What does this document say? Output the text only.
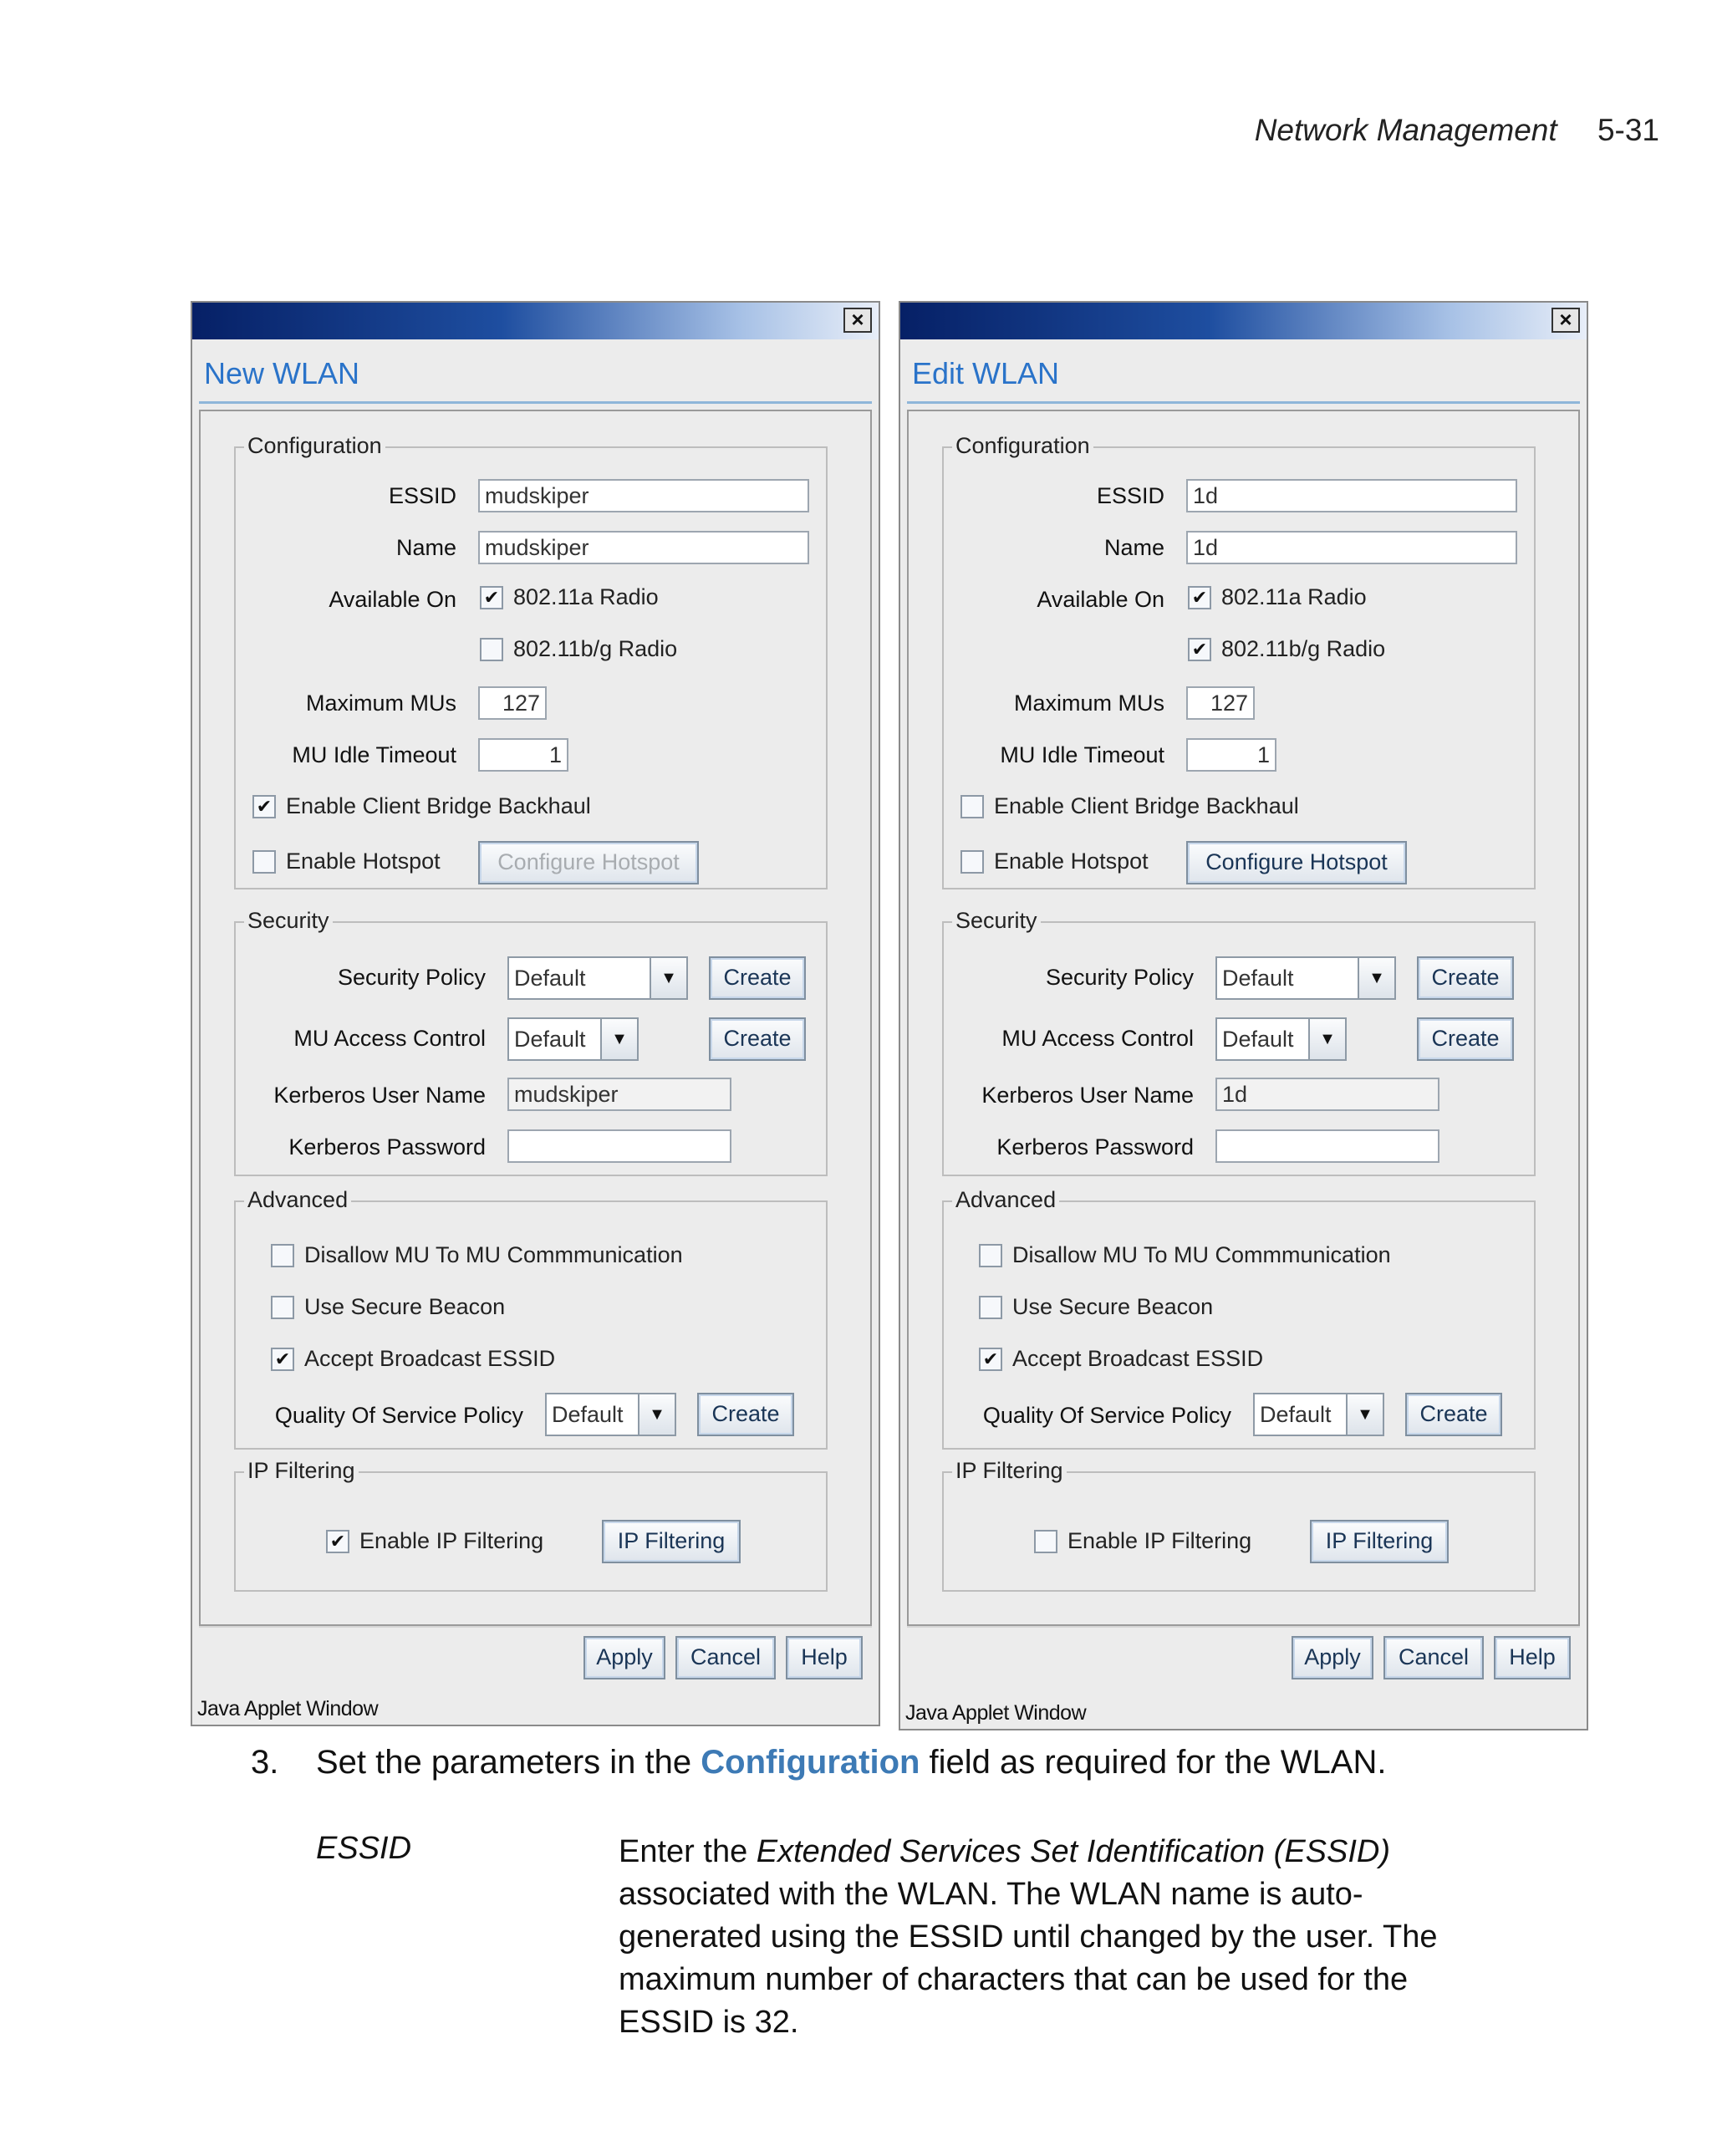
Network Management 5-31
×
New WLAN
Configuration
ESSID mudskiper
Name mudskiper
Available On ✔ 802.11a Radio
802.11b/g Radio
Maximum MUs	127
MU Idle Timeout	1
✔ Enable Client Bridge Backhaul
Enable Hotspot	Configure Hotspot
Security
Security Policy Default	▼	Create
MU Access Control Default	▼	Create
Kerberos User Name mudskiper
Kerberos Password
Advanced
Disallow MU To MU Commmunication
Use Secure Beacon
✔ Accept Broadcast ESSID
Quality Of Service Policy Default	▼	Create
IP Filtering
✔ Enable IP Filtering	IP Filtering
Apply	Cancel	Help
Java Applet Window
×
Edit WLAN
Configuration
ESSID 1d
Name 1d
Available On ✔ 802.11a Radio
✔ 802.11b/g Radio
Maximum MUs	127
MU Idle Timeout	1
Enable Client Bridge Backhaul
Enable Hotspot	Configure Hotspot
Security
Security Policy Default	▼	Create
MU Access Control Default	▼	Create
Kerberos User Name 1d
Kerberos Password
Advanced
Disallow MU To MU Commmunication
Use Secure Beacon
✔ Accept Broadcast ESSID
Quality Of Service Policy Default	▼	Create
IP Filtering
Enable IP Filtering	IP Filtering
Apply	Cancel	Help
Java Applet Window
3. Set the parameters in the Configuration field as required for the WLAN.
ESSID	Enter the Extended Services Set Identification (ESSID) associated with the WLAN. The WLAN name is auto-generated using the ESSID until changed by the user. The maximum number of characters that can be used for the ESSID is 32.
